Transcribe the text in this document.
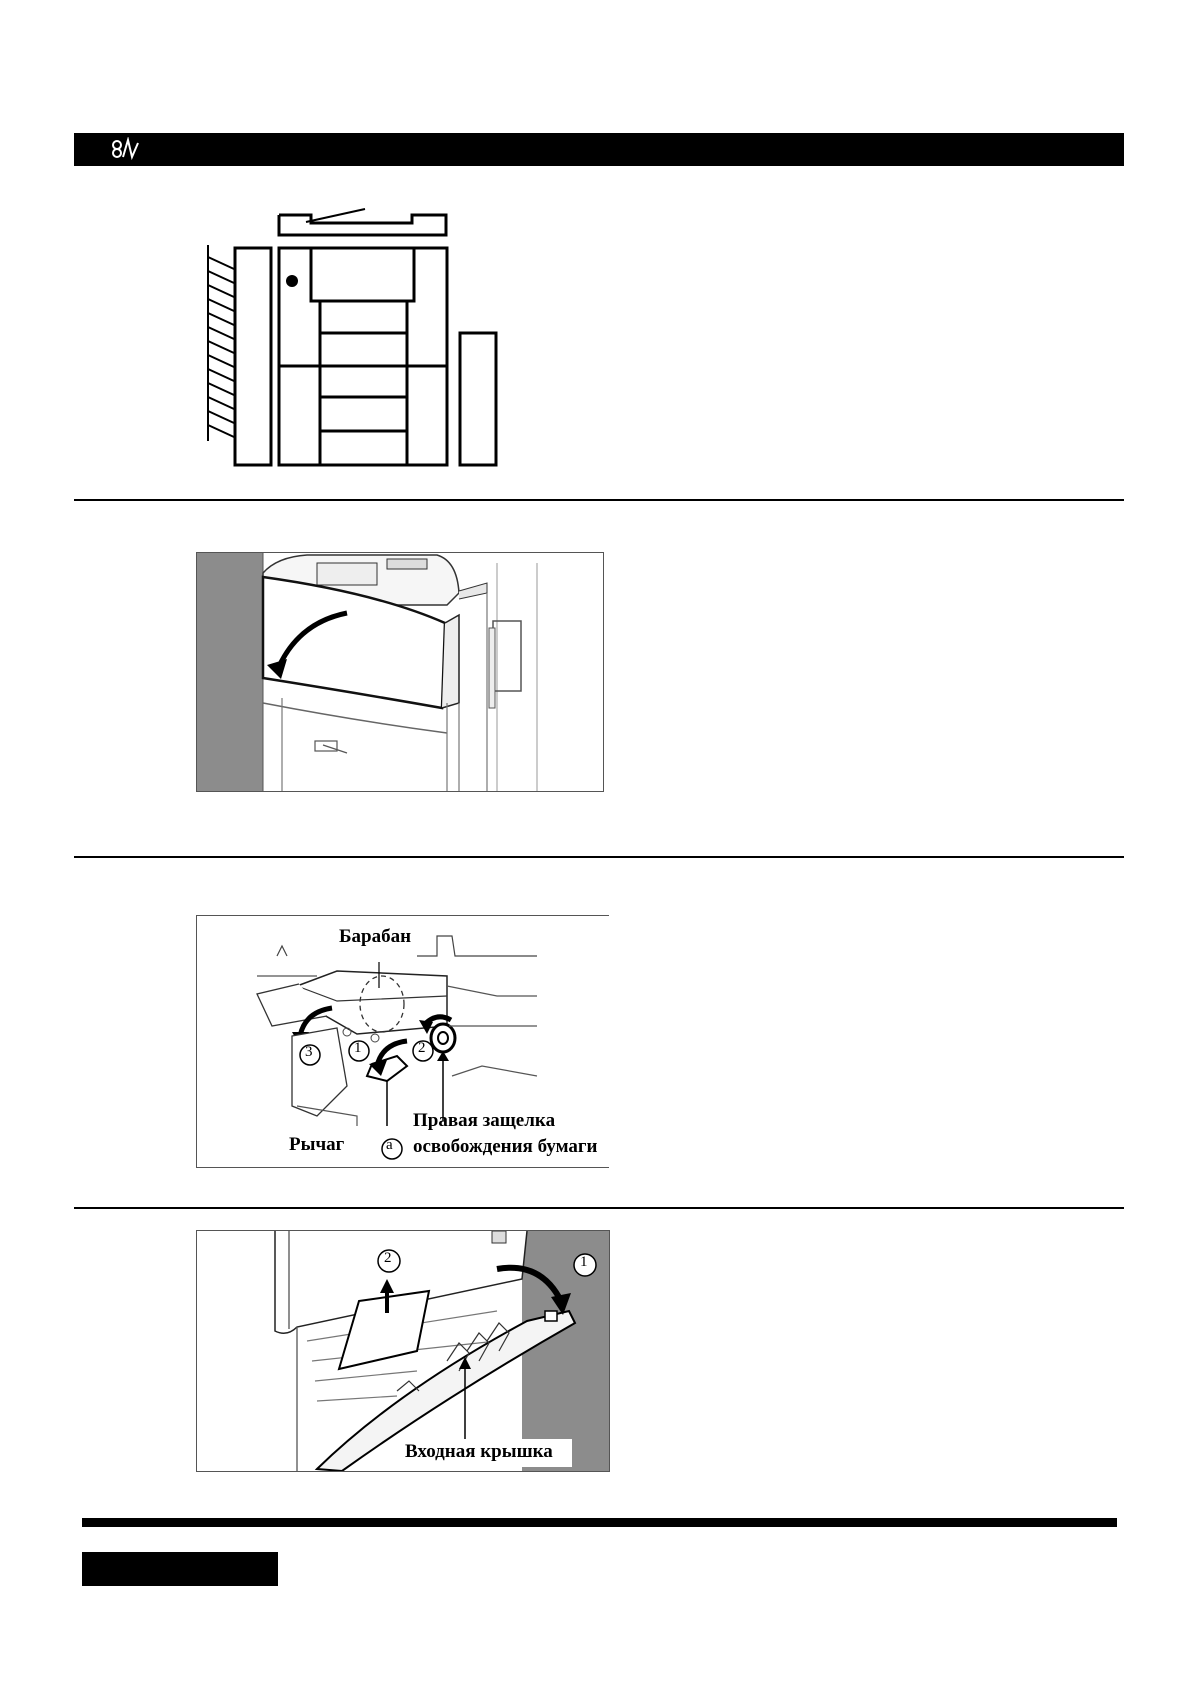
1	2
3
a
Барабан
Рычаг
Правая защелка
освобождения бумаги
2	1
Входная крышка
